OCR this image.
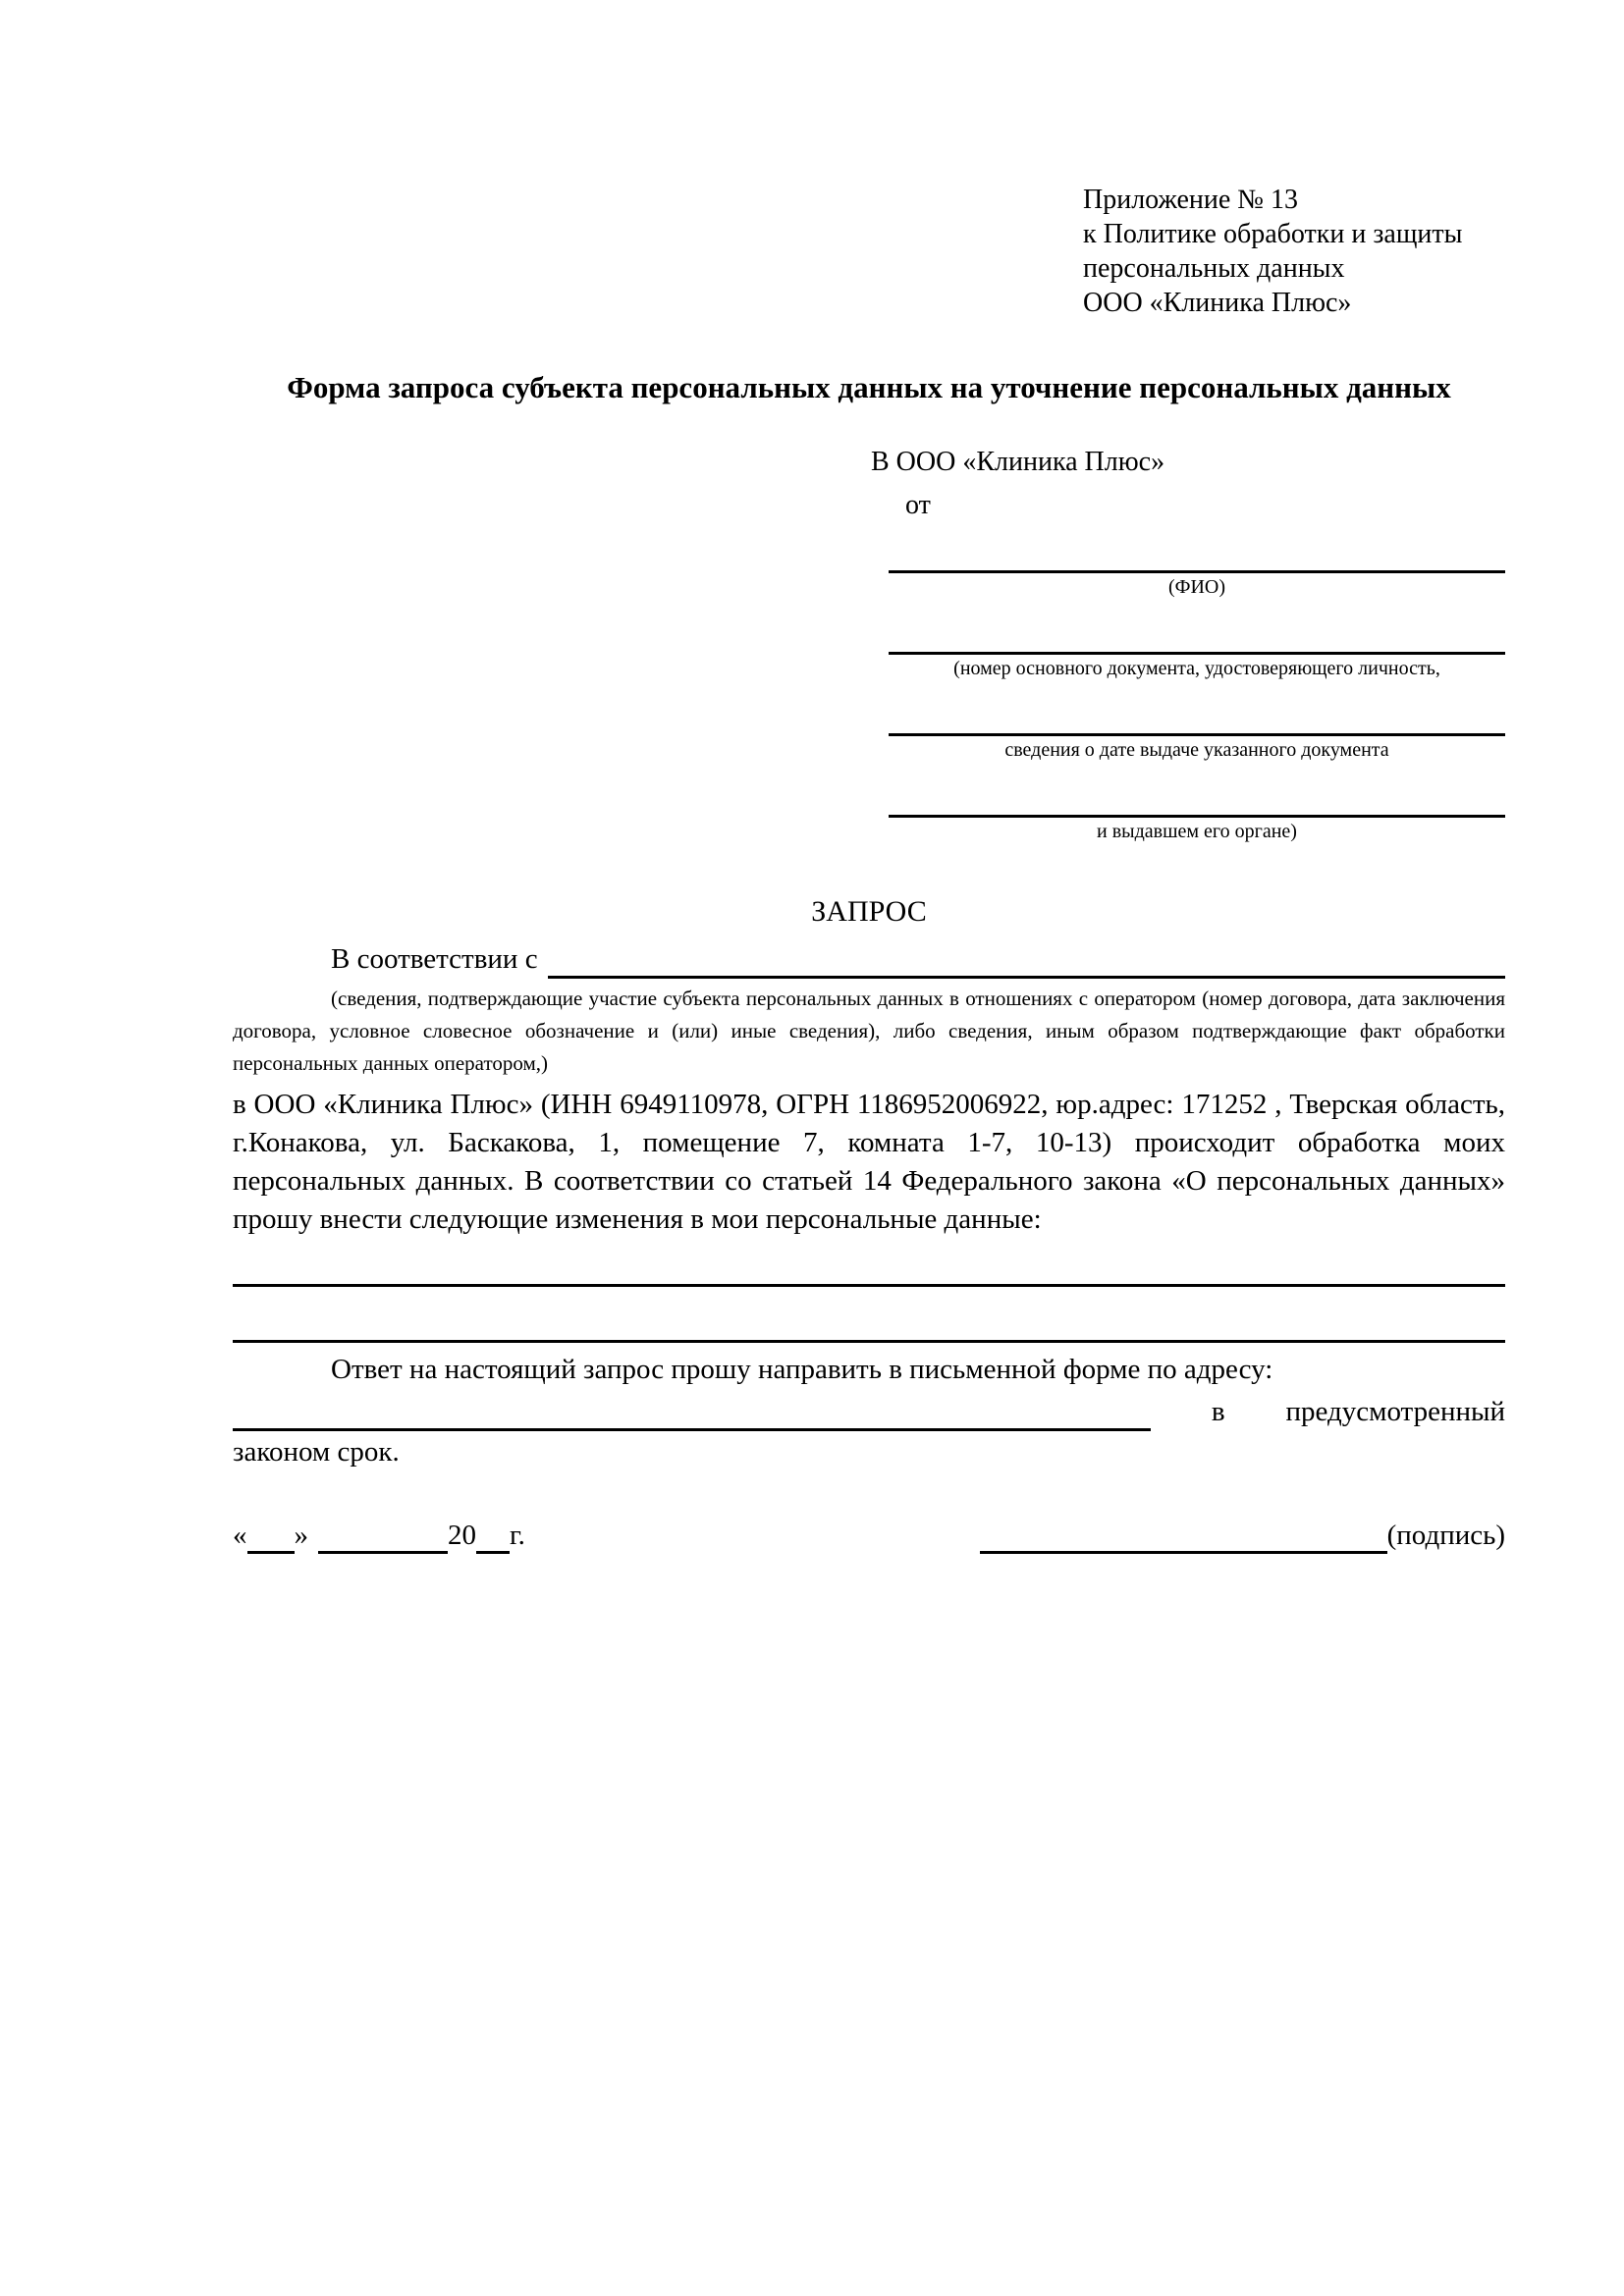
Приложение № 13
к Политике обработки и защиты
персональных данных
ООО «Клиника Плюс»
Форма запроса субъекта персональных данных на уточнение персональных данных
В ООО «Клиника Плюс»
от
(ФИО)
(номер основного документа, удостоверяющего личность,
сведения о дате выдаче указанного документа
и выдавшем его органе)
ЗАПРОС
В соответствии с
(сведения, подтверждающие участие субъекта персональных данных в отношениях с оператором (номер договора, дата заключения договора, условное словесное обозначение и (или) иные сведения), либо сведения, иным образом подтверждающие факт обработки персональных данных оператором,)
в ООО «Клиника Плюс» (ИНН 6949110978, ОГРН 1186952006922, юр.адрес: 171252 , Тверская область, г.Конакова, ул. Баскакова, 1, помещение 7, комната 1-7, 10-13) происходит обработка моих персональных данных. В соответствии со статьей 14 Федерального закона «О персональных данных» прошу внести следующие изменения в мои персональные данные:
Ответ на настоящий запрос прошу направить в письменной форме по адресу:
в предусмотренный
законом срок.
« »	20 г.	(подпись)
